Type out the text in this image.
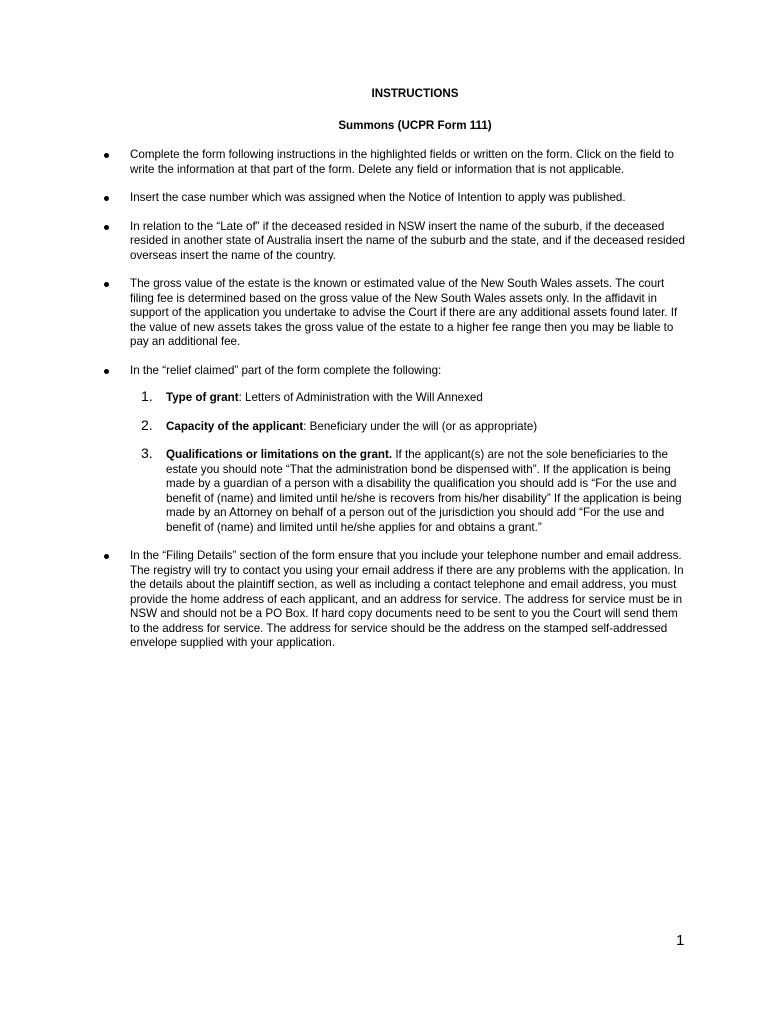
INSTRUCTIONS
Summons (UCPR Form 111)
Complete the form following instructions in the highlighted fields or written on the form. Click on the field to write the information at that part of the form. Delete any field or information that is not applicable.
Insert the case number which was assigned when the Notice of Intention to apply was published.
In relation to the “Late of” if the deceased resided in NSW insert the name of the suburb, if the deceased resided in another state of Australia insert the name of the suburb and the state, and if the deceased resided overseas insert the name of the country.
The gross value of the estate is the known or estimated value of the New South Wales assets. The court filing fee is determined based on the gross value of the New South Wales assets only. In the affidavit in support of the application you undertake to advise the Court if there are any additional assets found later. If the value of new assets takes the gross value of the estate to a higher fee range then you may be liable to pay an additional fee.
In the “relief claimed” part of the form complete the following:
1. Type of grant: Letters of Administration with the Will Annexed
2. Capacity of the applicant: Beneficiary under the will (or as appropriate)
3. Qualifications or limitations on the grant. If the applicant(s) are not the sole beneficiaries to the estate you should note “That the administration bond be dispensed with”. If the application is being made by a guardian of a person with a disability the qualification you should add is “For the use and benefit of (name) and limited until he/she is recovers from his/her disability” If the application is being made by an Attorney on behalf of a person out of the jurisdiction you should add “For the use and benefit of (name) and limited until he/she applies for and obtains a grant.”
In the “Filing Details” section of the form ensure that you include your telephone number and email address. The registry will try to contact you using your email address if there are any problems with the application. In the details about the plaintiff section, as well as including a contact telephone and email address, you must provide the home address of each applicant, and an address for service. The address for service must be in NSW and should not be a PO Box. If hard copy documents need to be sent to you the Court will send them to the address for service. The address for service should be the address on the stamped self-addressed envelope supplied with your application.
1
